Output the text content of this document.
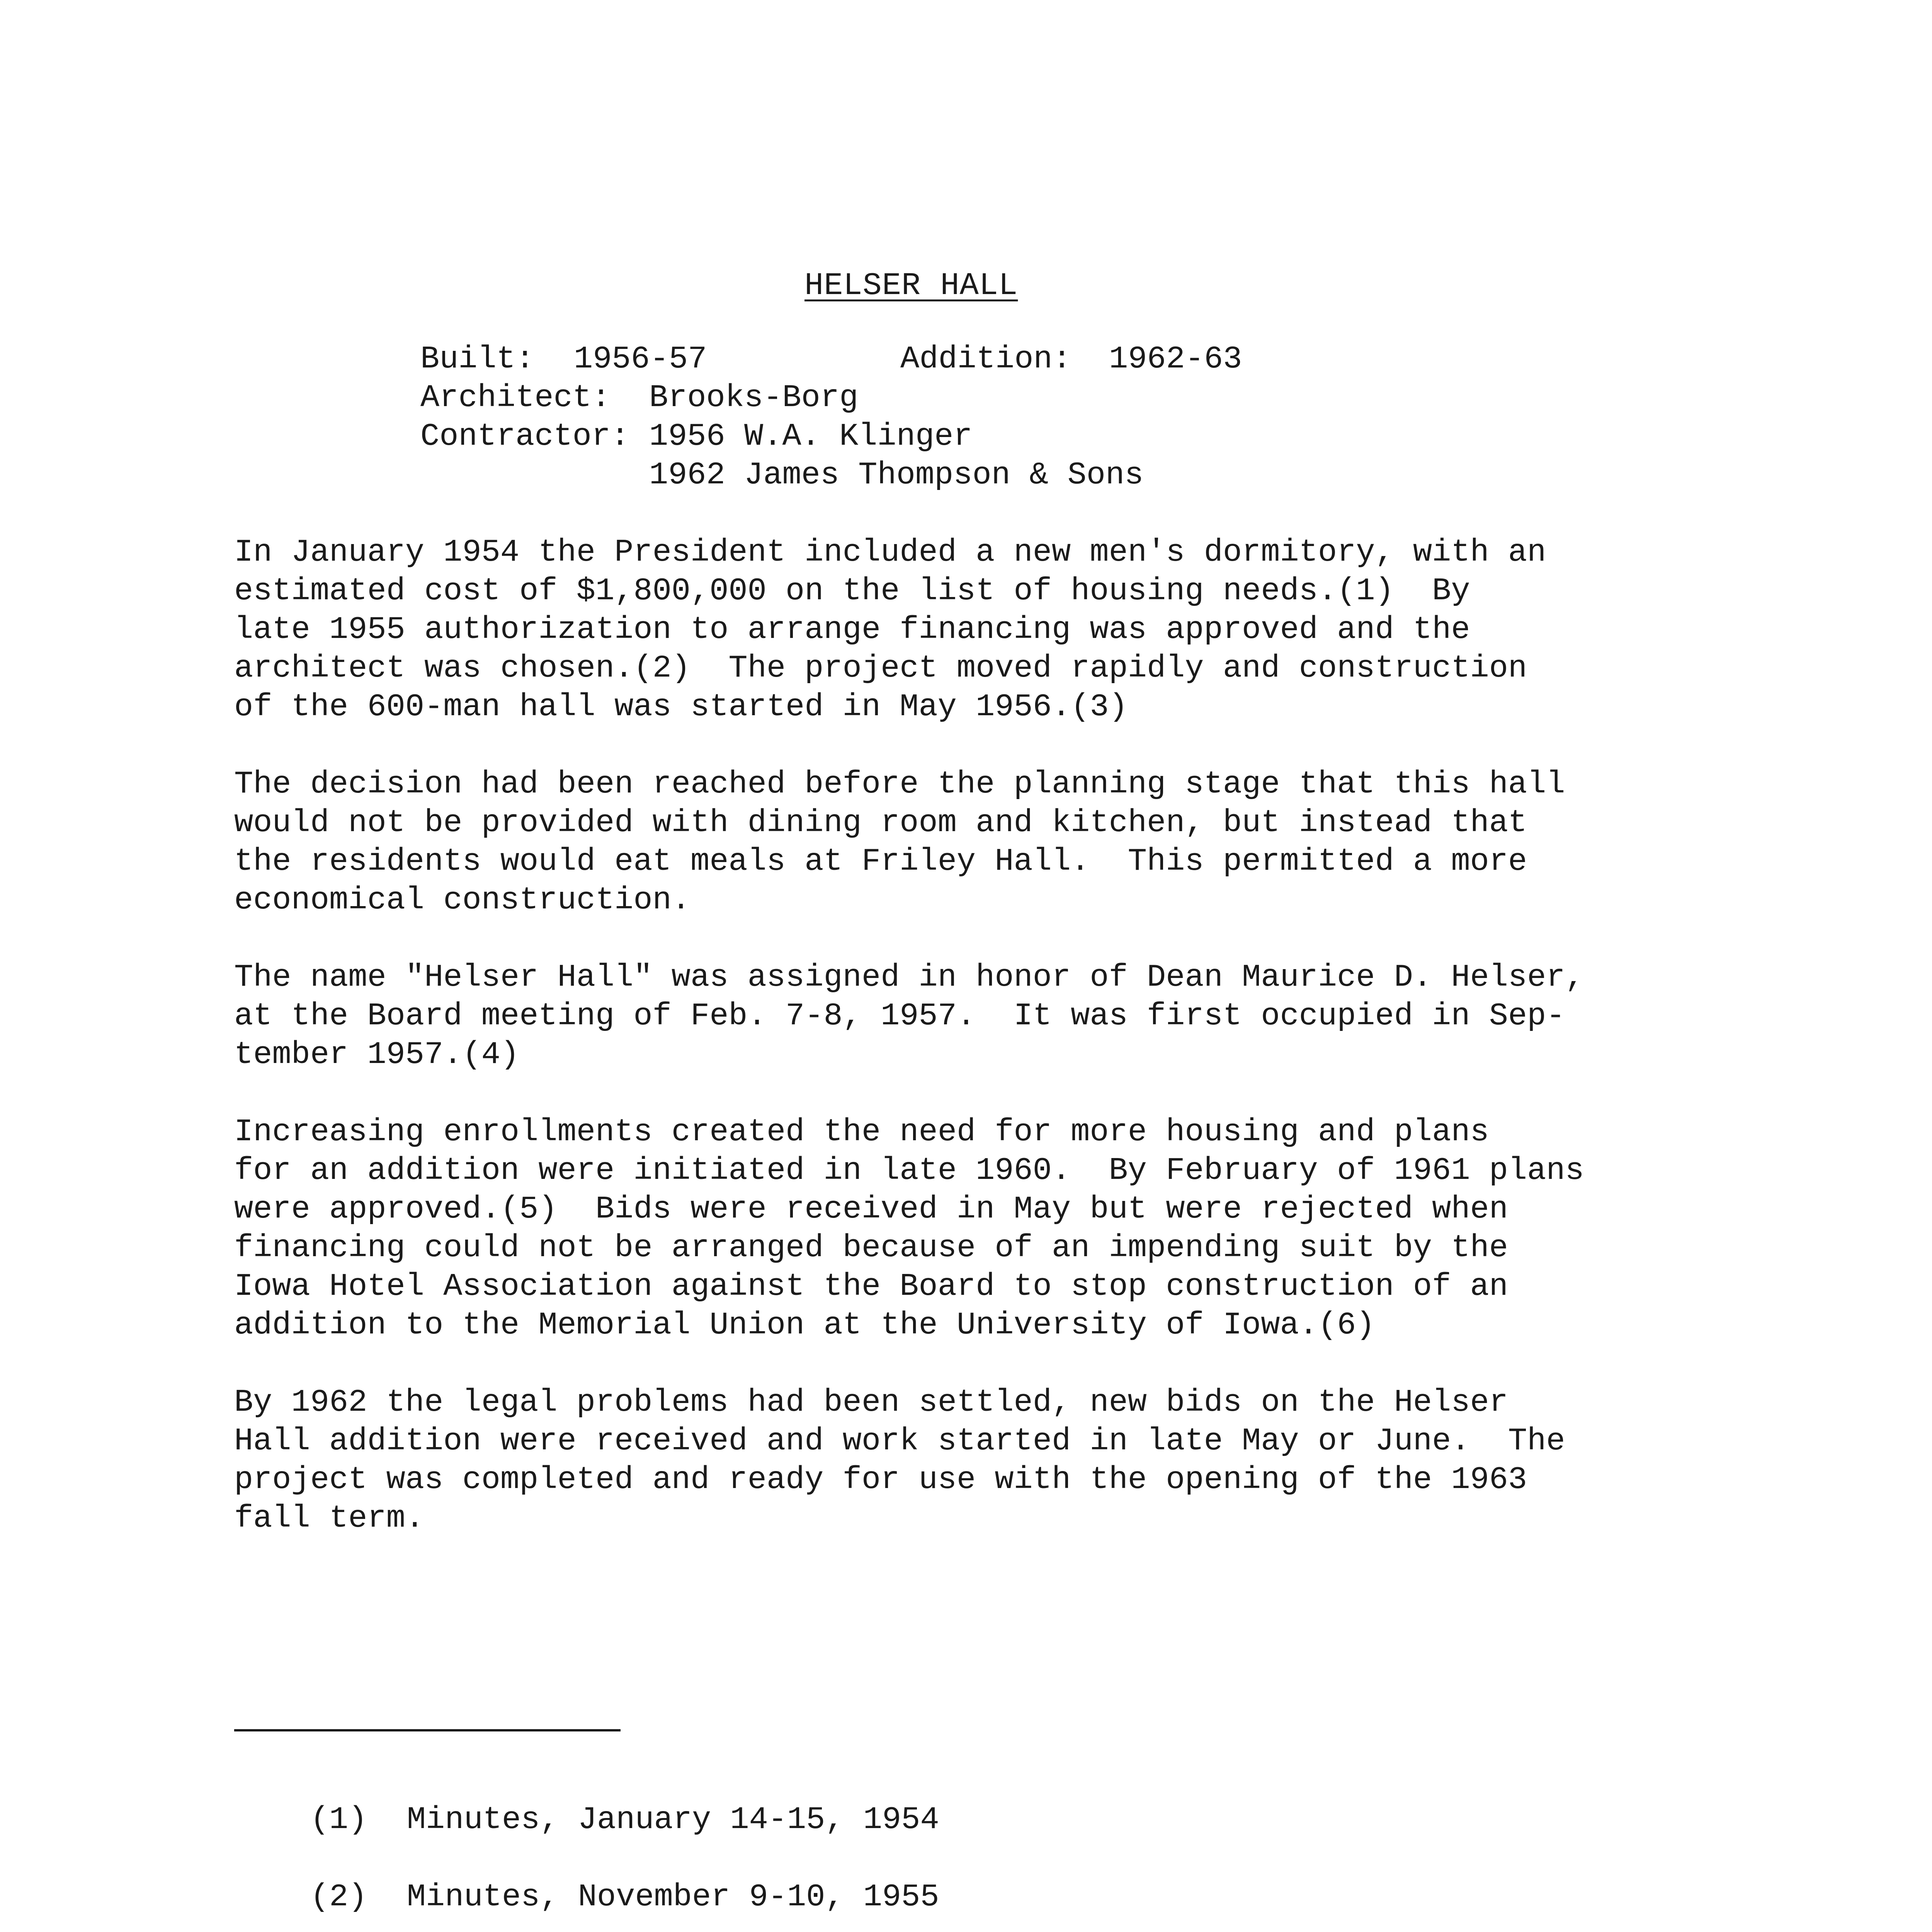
HELSER HALL
Built: 1956-57	Addition: 1962-63
Architect: Brooks-Borg
Contractor: 1956 W.A. Klinger
1962 James Thompson & Sons

In January 1954 the President included a new men's dormitory, with an
estimated cost of $1,800,000 on the list of housing needs.(1)  By
late 1955 authorization to arrange financing was approved and the
architect was chosen.(2)  The project moved rapidly and construction
of the 600-man hall was started in May 1956.(3)

The decision had been reached before the planning stage that this hall
would not be provided with dining room and kitchen, but instead that
the residents would eat meals at Friley Hall.  This permitted a more
economical construction.

The name "Helser Hall" was assigned in honor of Dean Maurice D. Helser,
at the Board meeting of Feb. 7-8, 1957.  It was first occupied in Sep-
tember 1957.(4)

Increasing enrollments created the need for more housing and plans
for an addition were initiated in late 1960.  By February of 1961 plans
were approved.(5)  Bids were received in May but were rejected when
financing could not be arranged because of an impending suit by the
Iowa Hotel Association against the Board to stop construction of an
addition to the Memorial Union at the University of Iowa.(6)

By 1962 the legal problems had been settled, new bids on the Helser
Hall addition were received and work started in late May or June.  The
project was completed and ready for use with the opening of the 1963
fall term.

(1) Minutes, January 14-15, 1954

(2) Minutes, November 9-10, 1955
